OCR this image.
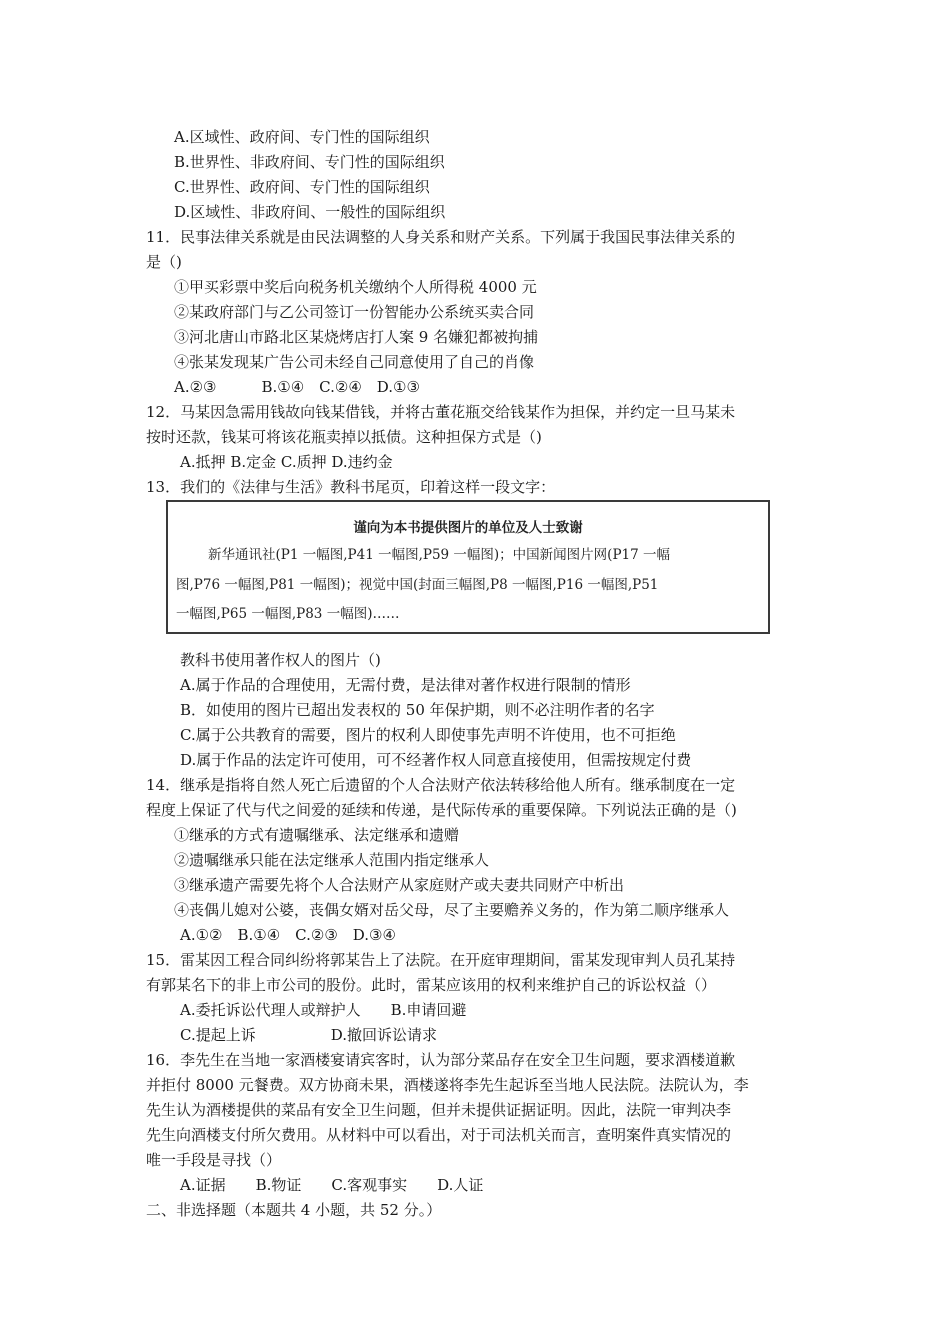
A.区域性、政府间、专门性的国际组织
B.世界性、非政府间、专门性的国际组织
C.世界性、政府间、专门性的国际组织
D.区域性、非政府间、一般性的国际组织
11．民事法律关系就是由民法调整的人身关系和财产关系。下列属于我国民事法律关系的
是（)
①甲买彩票中奖后向税务机关缴纳个人所得税 4000 元
②某政府部门与乙公司签订一份智能办公系统买卖合同
③河北唐山市路北区某烧烤店打人案 9 名嫌犯都被拘捕
④张某发现某广告公司未经自己同意使用了自己的肖像
A.②③　　　B.①④　C.②④　D.①③
12．马某因急需用钱故向钱某借钱，并将古董花瓶交给钱某作为担保，并约定一旦马某未
按时还款，钱某可将该花瓶卖掉以抵债。这种担保方式是（)
A.抵押 B.定金 C.质押 D.违约金
13．我们的《法律与生活》教科书尾页，印着这样一段文字：
谨向为本书提供图片的单位及人士致谢
新华通讯社(P1 一幅图,P41 一幅图,P59 一幅图)；中国新闻图片网(P17 一幅
图,P76 一幅图,P81 一幅图)；视觉中国(封面三幅图,P8 一幅图,P16 一幅图,P51
一幅图,P65 一幅图,P83 一幅图)……
教科书使用著作权人的图片（)
A.属于作品的合理使用，无需付费，是法律对著作权进行限制的情形
B．如使用的图片已超出发表权的 50 年保护期，则不必注明作者的名字
C.属于公共教育的需要，图片的权利人即使事先声明不许使用，也不可拒绝
D.属于作品的法定许可使用，可不经著作权人同意直接使用，但需按规定付费
14．继承是指将自然人死亡后遗留的个人合法财产依法转移给他人所有。继承制度在一定
程度上保证了代与代之间爱的延续和传递，是代际传承的重要保障。下列说法正确的是（)
①继承的方式有遗嘱继承、法定继承和遗赠
②遗嘱继承只能在法定继承人范围内指定继承人
③继承遗产需要先将个人合法财产从家庭财产或夫妻共同财产中析出
④丧偶儿媳对公婆，丧偶女婿对岳父母，尽了主要赡养义务的，作为第二顺序继承人
A.①②　B.①④　C.②③　D.③④
15．雷某因工程合同纠纷将郭某告上了法院。在开庭审理期间，雷某发现审判人员孔某持
有郭某名下的非上市公司的股份。此时，雷某应该用的权利来维护自己的诉讼权益（）
A.委托诉讼代理人或辩护人　　B.申请回避
C.提起上诉　　　　　D.撤回诉讼请求
16．李先生在当地一家酒楼宴请宾客时，认为部分菜品存在安全卫生问题，要求酒楼道歉
并拒付 8000 元餐费。双方协商未果，酒楼遂将李先生起诉至当地人民法院。法院认为，李
先生认为酒楼提供的菜品有安全卫生问题，但并未提供证据证明。因此，法院一审判决李
先生向酒楼支付所欠费用。从材料中可以看出，对于司法机关而言，查明案件真实情况的
唯一手段是寻找（）
A.证据　　B.物证　　C.客观事实　　D.人证
二、非选择题（本题共 4 小题，共 52 分。）
